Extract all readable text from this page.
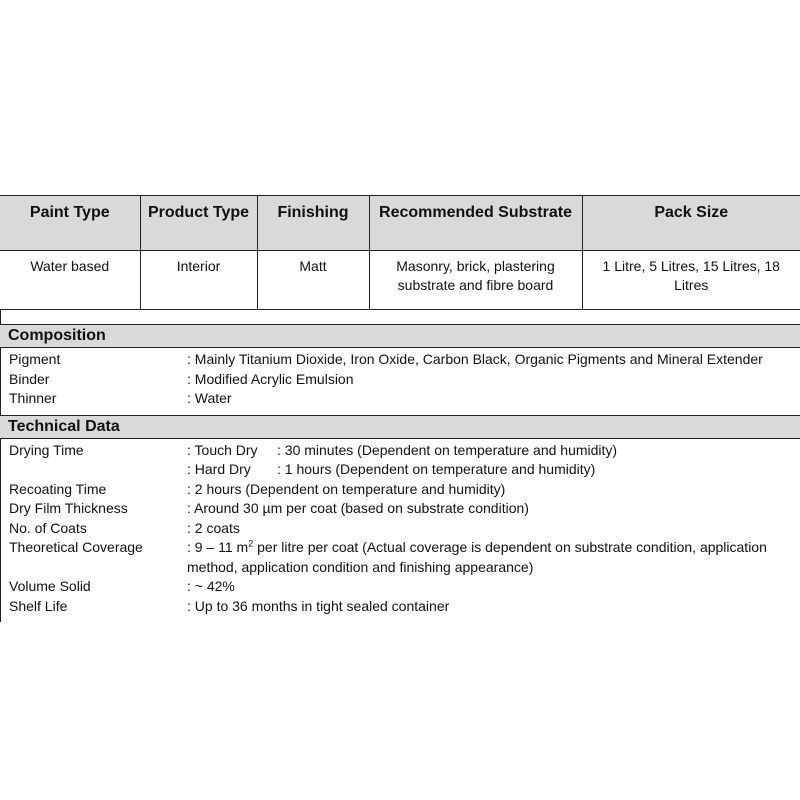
Paint Type	Product Type	Finishing	Recommended Substrate	Pack Size
Water based	Interior	Matt	Masonry, brick, plastering substrate and fibre board	1 Litre, 5 Litres, 15 Litres, 18 Litres
Composition
Pigment	: Mainly Titanium Dioxide, Iron Oxide, Carbon Black, Organic Pigments and Mineral Extender
Binder	: Modified Acrylic Emulsion
Thinner	: Water
Technical Data
Drying Time	: Touch Dry : 30 minutes (Dependent on temperature and humidity)
: Hard Dry : 1 hours (Dependent on temperature and humidity)
Recoating Time	: 2 hours (Dependent on temperature and humidity)
Dry Film Thickness	: Around 30 µm per coat (based on substrate condition)
No. of Coats	: 2 coats
Theoretical Coverage	: 9 – 11 $m^2$ per litre per coat (Actual coverage is dependent on substrate condition, application
method, application condition and finishing appearance)
Volume Solid	: ~ 42%
Shelf Life	: Up to 36 months in tight sealed container
